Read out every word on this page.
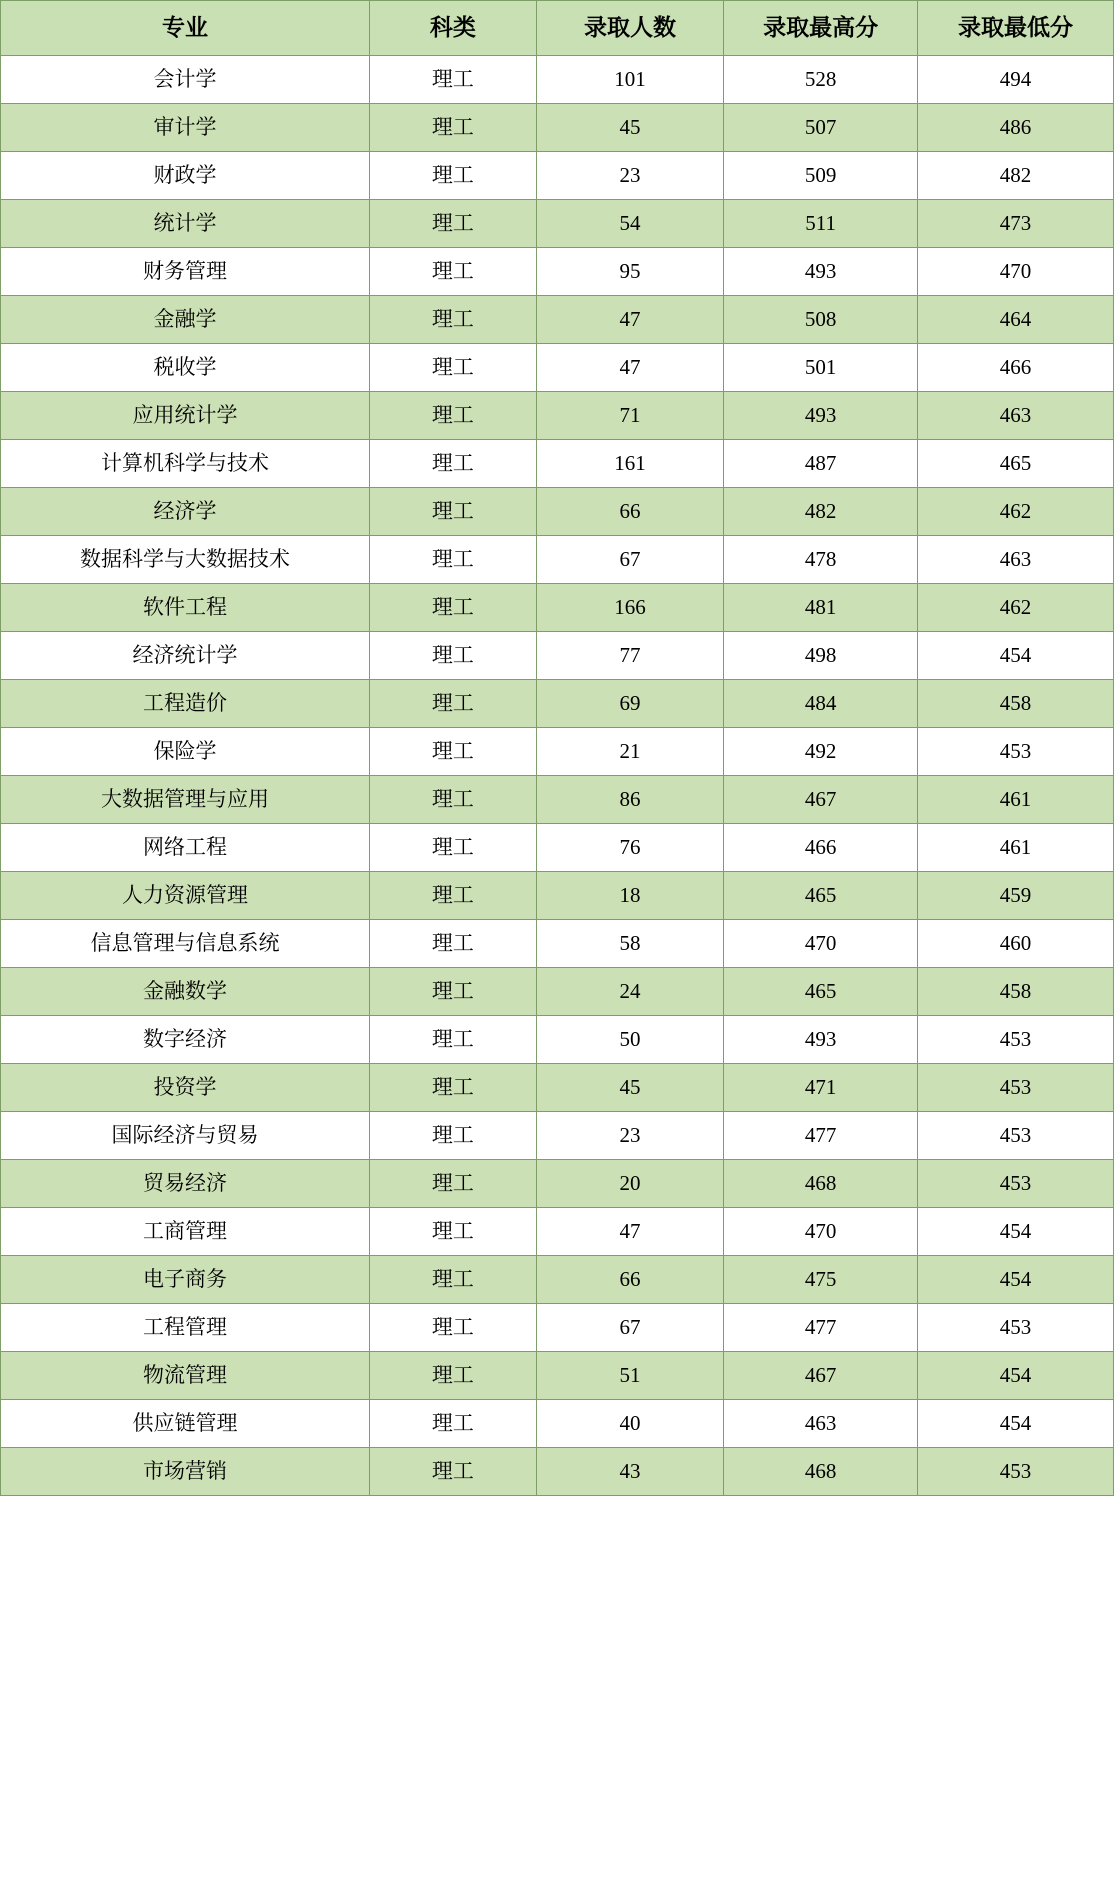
专业	科类	录取人数	录取最高分	录取最低分
会计学	理工	101	528	494
审计学	理工	45	507	486
财政学	理工	23	509	482
统计学	理工	54	511	473
财务管理	理工	95	493	470
金融学	理工	47	508	464
税收学	理工	47	501	466
应用统计学	理工	71	493	463
计算机科学与技术	理工	161	487	465
经济学	理工	66	482	462
数据科学与大数据技术	理工	67	478	463
软件工程	理工	166	481	462
经济统计学	理工	77	498	454
工程造价	理工	69	484	458
保险学	理工	21	492	453
大数据管理与应用	理工	86	467	461
网络工程	理工	76	466	461
人力资源管理	理工	18	465	459
信息管理与信息系统	理工	58	470	460
金融数学	理工	24	465	458
数字经济	理工	50	493	453
投资学	理工	45	471	453
国际经济与贸易	理工	23	477	453
贸易经济	理工	20	468	453
工商管理	理工	47	470	454
电子商务	理工	66	475	454
工程管理	理工	67	477	453
物流管理	理工	51	467	454
供应链管理	理工	40	463	454
市场营销	理工	43	468	453
